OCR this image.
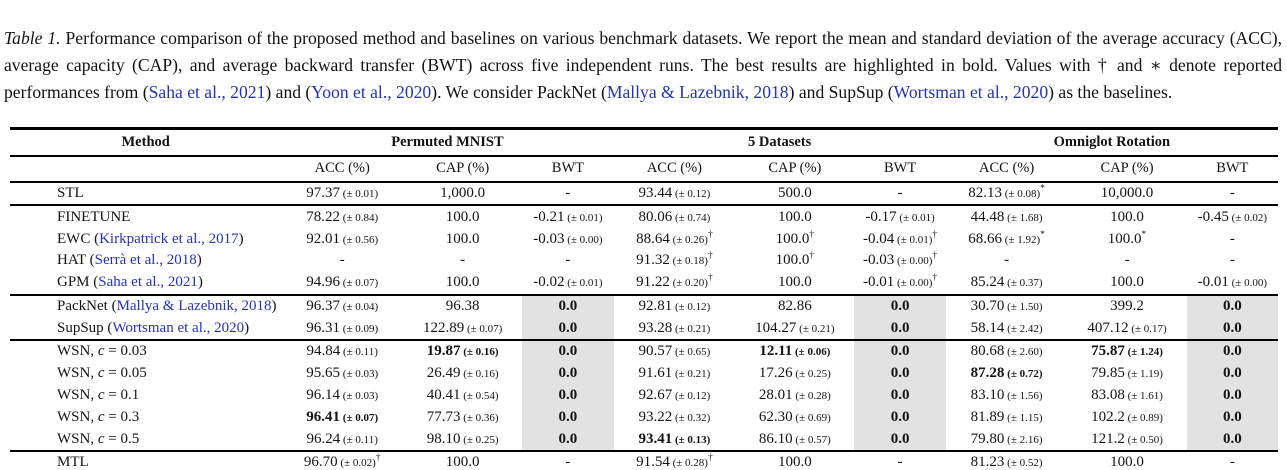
Table 1. Performance comparison of the proposed method and baselines on various benchmark datasets. We report the mean and standard deviation of the average accuracy (ACC), average capacity (CAP), and average backward transfer (BWT) across five independent runs. The best results are highlighted in bold. Values with † and ∗ denote reported performances from (Saha et al., 2021) and (Yoon et al., 2020). We consider PackNet (Mallya & Lazebnik, 2018) and SupSup (Wortsman et al., 2020) as the baselines.

Method	Permuted MNIST			5 Datasets			Omniglot Rotation		
	ACC (%)	CAP (%)	BWT	ACC (%)	CAP (%)	BWT	ACC (%)	CAP (%)	BWT
STL	97.37 (± 0.01)	1,000.0	-	93.44 (± 0.12)	500.0	-	82.13 (± 0.08)*	10,000.0	-
FINETUNE	78.22 (± 0.84)	100.0	-0.21 (± 0.01)	80.06 (± 0.74)	100.0	-0.17 (± 0.01)	44.48 (± 1.68)	100.0	-0.45 (± 0.02)
EWC (Kirkpatrick et al., 2017)	92.01 (± 0.56)	100.0	-0.03 (± 0.00)	88.64 (± 0.26)†	100.0†	-0.04 (± 0.01)†	68.66 (± 1.92)*	100.0*	-
HAT (Serrà et al., 2018)	-	-	-	91.32 (± 0.18)†	100.0†	-0.03 (± 0.00)†	-	-	-
GPM (Saha et al., 2021)	94.96 (± 0.07)	100.0	-0.02 (± 0.01)	91.22 (± 0.20)†	100.0	-0.01 (± 0.00)†	85.24 (± 0.37)	100.0	-0.01 (± 0.00)
PackNet (Mallya & Lazebnik, 2018)	96.37 (± 0.04)	96.38	0.0	92.81 (± 0.12)	82.86	0.0	30.70 (± 1.50)	399.2	0.0
SupSup (Wortsman et al., 2020)	96.31 (± 0.09)	122.89 (± 0.07)	0.0	93.28 (± 0.21)	104.27 (± 0.21)	0.0	58.14 (± 2.42)	407.12 (± 0.17)	0.0
WSN, c = 0.03	94.84 (± 0.11)	19.87 (± 0.16)	0.0	90.57 (± 0.65)	12.11 (± 0.06)	0.0	80.68 (± 2.60)	75.87 (± 1.24)	0.0
WSN, c = 0.05	95.65 (± 0.03)	26.49 (± 0.16)	0.0	91.61 (± 0.21)	17.26 (± 0.25)	0.0	87.28 (± 0.72)	79.85 (± 1.19)	0.0
WSN, c = 0.1	96.14 (± 0.03)	40.41 (± 0.54)	0.0	92.67 (± 0.12)	28.01 (± 0.28)	0.0	83.10 (± 1.56)	83.08 (± 1.61)	0.0
WSN, c = 0.3	96.41 (± 0.07)	77.73 (± 0.36)	0.0	93.22 (± 0.32)	62.30 (± 0.69)	0.0	81.89 (± 1.15)	102.2 (± 0.89)	0.0
WSN, c = 0.5	96.24 (± 0.11)	98.10 (± 0.25)	0.0	93.41 (± 0.13)	86.10 (± 0.57)	0.0	79.80 (± 2.16)	121.2 (± 0.50)	0.0
MTL	96.70 (± 0.02)†	100.0	-	91.54 (± 0.28)†	100.0	-	81.23 (± 0.52)	100.0	-
